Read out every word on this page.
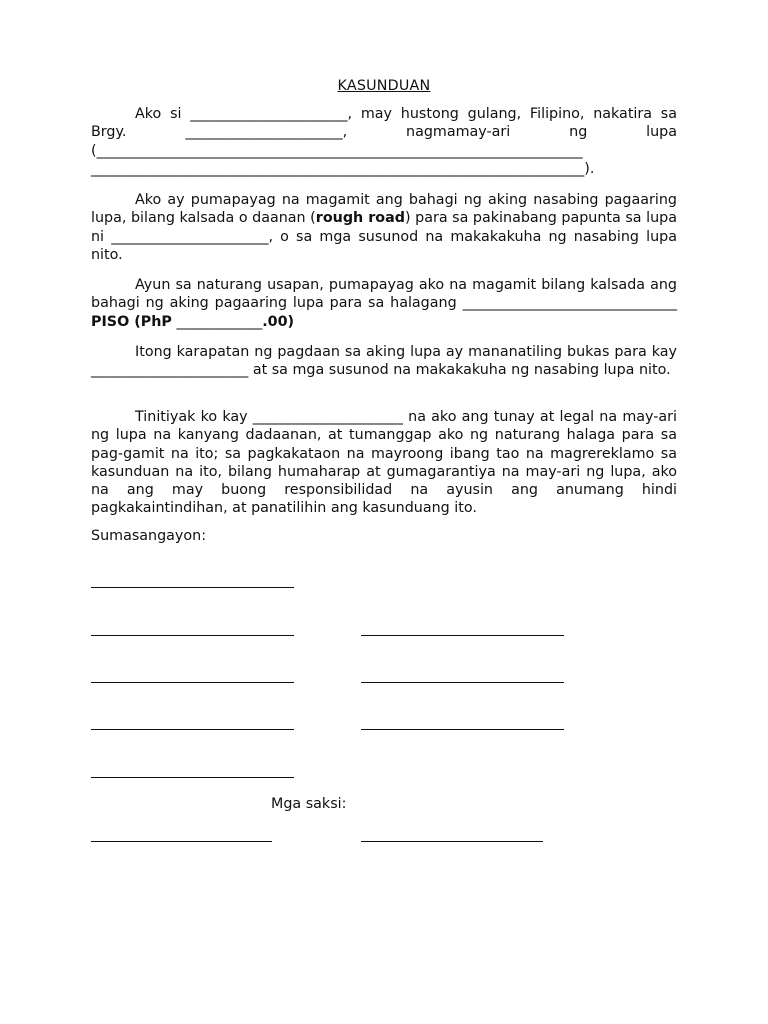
KASUNDUAN

Ako si ______________________, may hustong gulang, Filipino, nakatira sa Brgy.	______________________, nagmamay-ari ng lupa (____________________________________________________________________ _____________________________________________________________________).

Ako ay pumapayag na magamit ang bahagi ng aking nasabing pagaaring lupa, bilang kalsada o daanan (rough road) para sa pakinabang papunta sa lupa ni ______________________, o sa mga susunod na makakakuha ng nasabing lupa nito.

Ayun sa naturang usapan, pumapayag ako na magamit bilang kalsada ang bahagi ng aking pagaaring lupa para sa halagang ______________________________ PISO (PhP ____________.00)

Itong karapatan ng pagdaan sa aking lupa ay mananatiling bukas para kay ______________________ at sa mga susunod na makakakuha ng nasabing lupa nito.

Tinitiyak ko kay _____________________ na ako ang tunay at legal na may-ari ng lupa na kanyang dadaanan, at tumanggap ako ng naturang halaga para sa pag-gamit na ito; sa pagkakataon na mayroong ibang tao na magrereklamo sa kasunduan na ito, bilang humaharap at gumagarantiya na may-ari ng lupa, ako na ang may buong responsibilidad na ayusin ang anumang hindi pagkakaintindihan, at panatilihin ang kasunduang ito.

Sumasangayon:
Mga saksi:
